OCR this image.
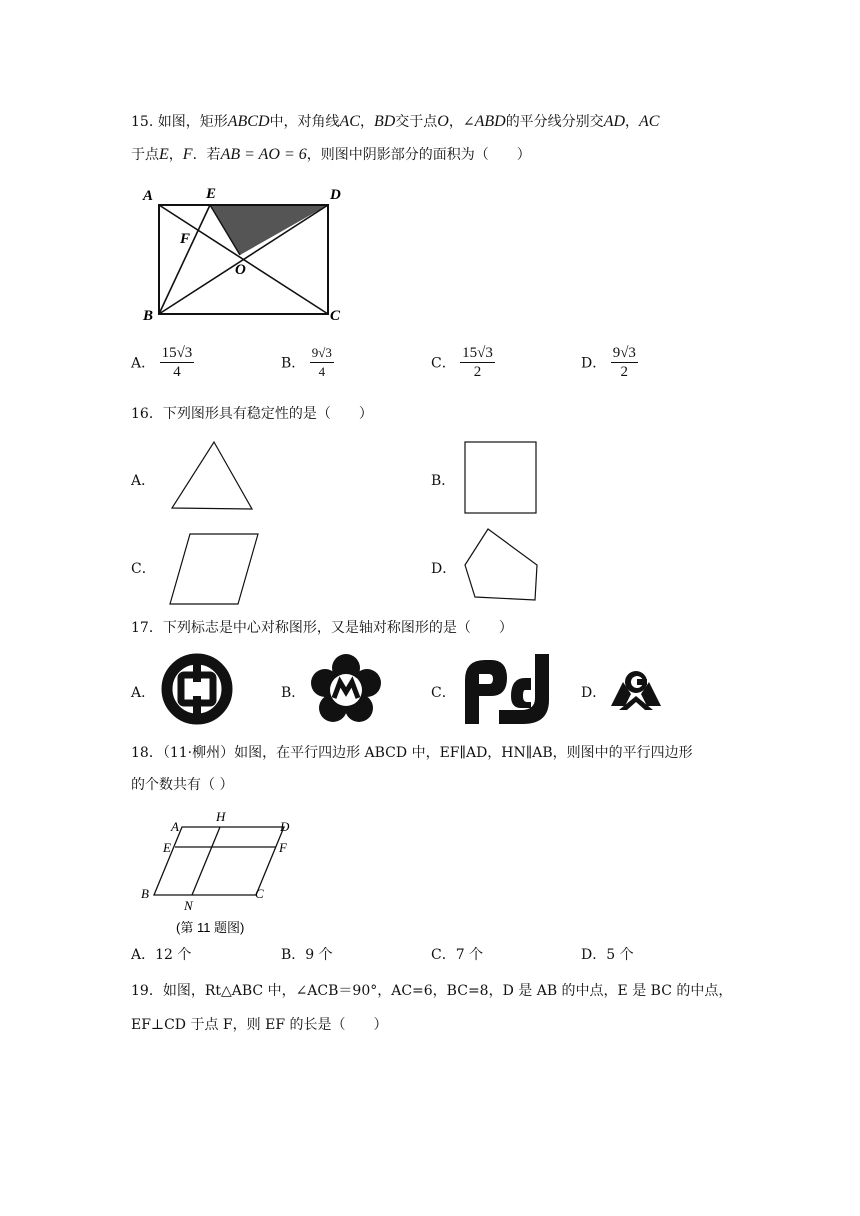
15. 如图，矩形ABCD中，对角线AC，BD交于点O，∠ABD的平分线分别交AD，AC
于点E，F．若AB = AO = 6，则图中阴影部分的面积为（　　）
A	E	D
F
O
B	C
A． $\frac{15√3}{4}$	B． $\frac{9√3}{4}$	C． $\frac{15√3}{2}$	D． $\frac{9√3}{2}$
16．下列图形具有稳定性的是（　　）
A．	B．
C．	D．
17．下列标志是中心对称图形，又是轴对称图形的是（　　）
A．	B．	C．	D．
18．（11·柳州）如图，在平行四边形 ABCD 中，EF∥AD，HN∥AB，则图中的平行四边形
的个数共有（ ）
A
H
D
E	F
B
N
C
(第 11 题图)
A．12 个	B．9 个	C．7 个	D．5 个
19．如图，Rt△ABC 中，∠ACB＝90°，AC=6，BC=8，D 是 AB 的中点，E 是 BC 的中点，
EF⊥CD 于点 F，则 EF 的长是（　　）
